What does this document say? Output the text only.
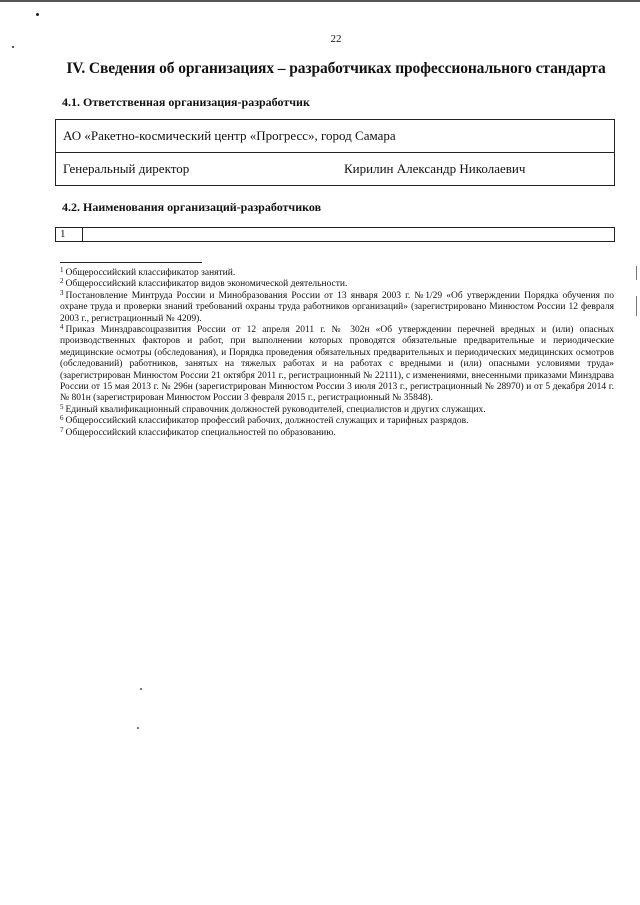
22
IV. Сведения об организациях – разработчиках профессионального стандарта
4.1. Ответственная организация-разработчик
АО «Ракетно-космический центр «Прогресс», город Самара
Генеральный директор	Кирилин Александр Николаевич
4.2. Наименования организаций-разработчиков
1

$^1$ Общероссийский классификатор занятий.

$^2$ Общероссийский классификатор видов экономической деятельности.

$^3$ Постановление Минтруда России и Минобразования России от 13 января 2003 г. №1/29 «Об утверждении Порядка обучения по охране труда и проверки знаний требований охраны труда работников организаций» (зарегистрировано Минюстом России 12 февраля 2003 г., регистрационный № 4209).

$^4$ Приказ Минздравсоцразвития России от 12 апреля 2011 г. № 302н «Об утверждении перечней вредных и (или) опасных производственных факторов и работ, при выполнении которых проводятся обязательные предварительные и периодические медицинские осмотры (обследования), и Порядка проведения обязательных предварительных и периодических медицинских осмотров (обследований) работников, занятых на тяжелых работах и на работах с вредными и (или) опасными условиями труда» (зарегистрирован Минюстом России 21 октября 2011 г., регистрационный № 22111), с изменениями, внесенными приказами Минздрава России от 15 мая 2013 г. № 296н (зарегистрирован Минюстом России 3 июля 2013 г., регистрационный № 28970) и от 5 декабря 2014 г. № 801н (зарегистрирован Минюстом России 3 февраля 2015 г., регистрационный № 35848).

$^5$ Единый квалификационный справочник должностей руководителей, специалистов и других служащих.

$^6$ Общероссийский классификатор профессий рабочих, должностей служащих и тарифных разрядов.

$^7$ Общероссийский классификатор специальностей по образованию.
